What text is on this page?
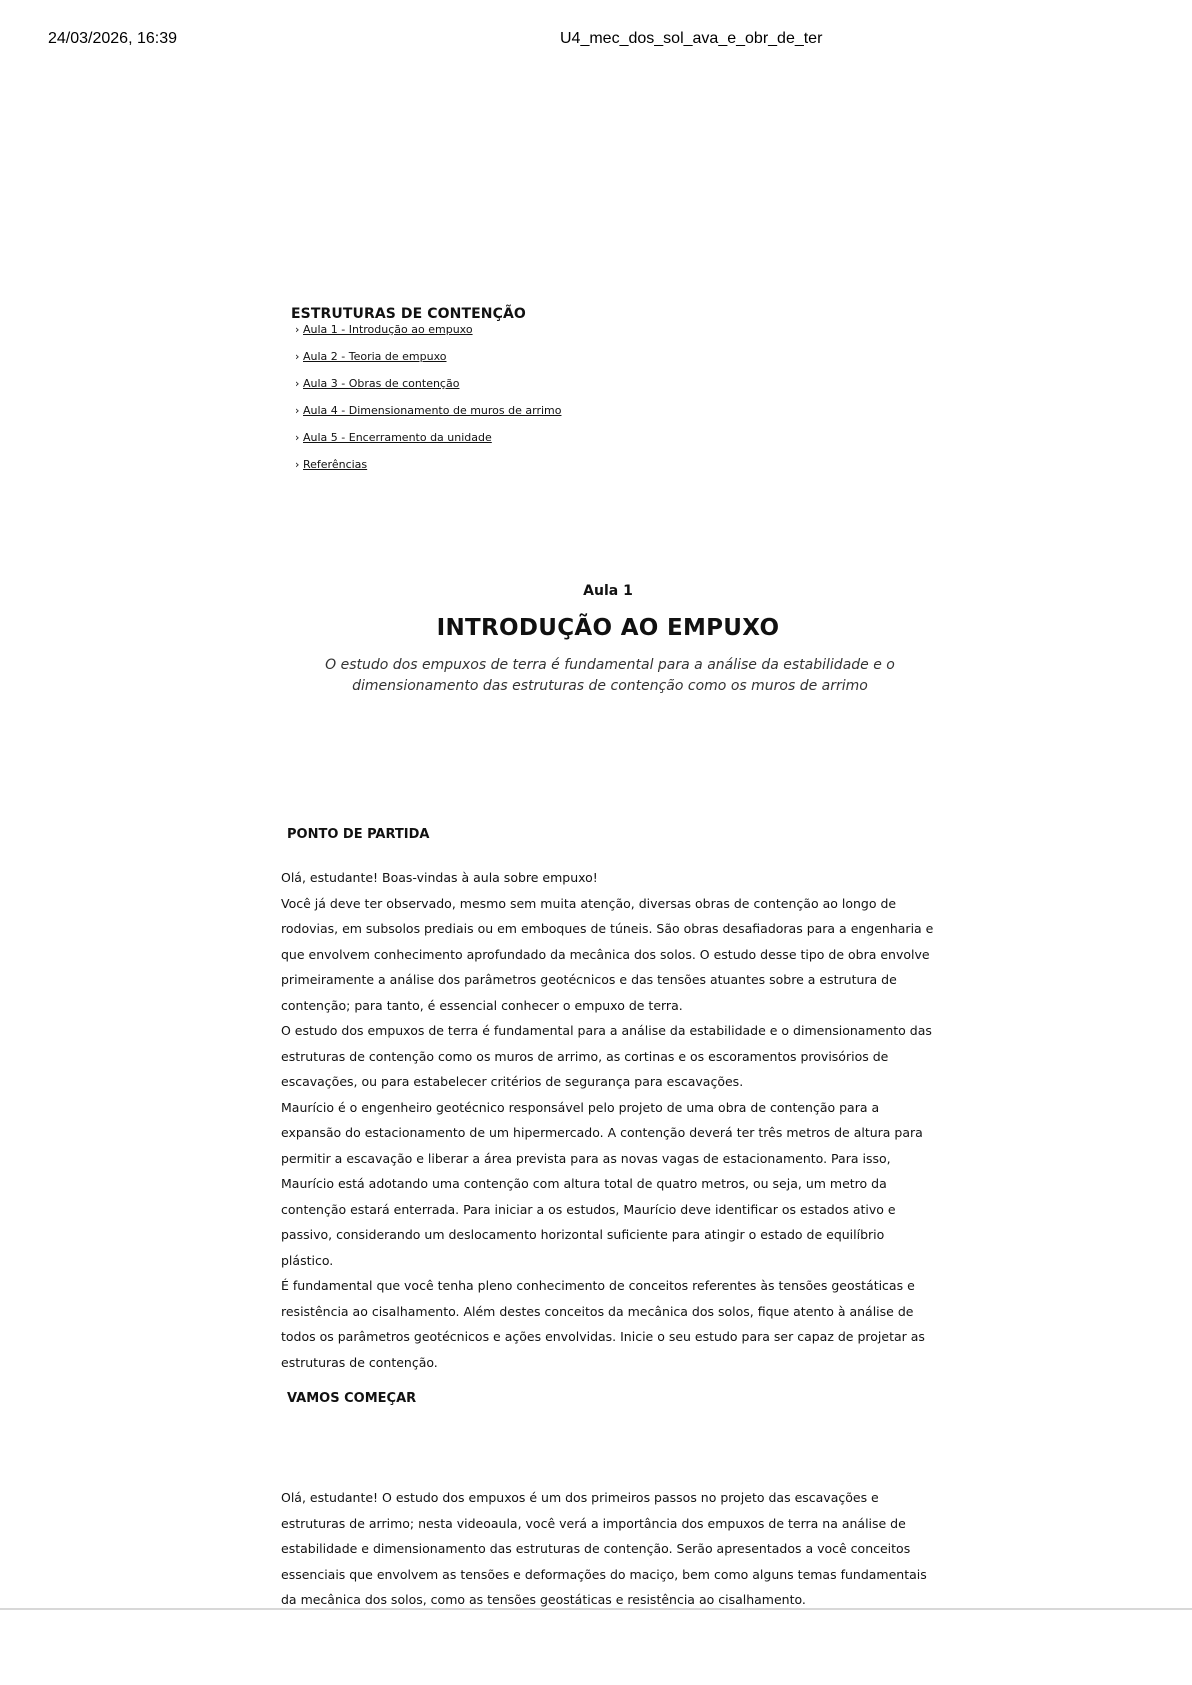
24/03/2026, 16:39	U4_mec_dos_sol_ava_e_obr_de_ter
ESTRUTURAS DE CONTENÇÃO
› Aula 1 - Introdução ao empuxo
› Aula 2 - Teoria de empuxo
› Aula 3 - Obras de contenção
› Aula 4 - Dimensionamento de muros de arrimo
› Aula 5 - Encerramento da unidade
› Referências
Aula 1
INTRODUÇÃO AO EMPUXO
O estudo dos empuxos de terra é fundamental para a análise da estabilidade e o dimensionamento das estruturas de contenção como os muros de arrimo
PONTO DE PARTIDA

Olá, estudante! Boas-vindas à aula sobre empuxo!

Você já deve ter observado, mesmo sem muita atenção, diversas obras de contenção ao longo de rodovias, em subsolos prediais ou em emboques de túneis. São obras desafiadoras para a engenharia e que envolvem conhecimento aprofundado da mecânica dos solos. O estudo desse tipo de obra envolve primeiramente a análise dos parâmetros geotécnicos e das tensões atuantes sobre a estrutura de contenção; para tanto, é essencial conhecer o empuxo de terra.

O estudo dos empuxos de terra é fundamental para a análise da estabilidade e o dimensionamento das estruturas de contenção como os muros de arrimo, as cortinas e os escoramentos provisórios de escavações, ou para estabelecer critérios de segurança para escavações.

Maurício é o engenheiro geotécnico responsável pelo projeto de uma obra de contenção para a expansão do estacionamento de um hipermercado. A contenção deverá ter três metros de altura para permitir a escavação e liberar a área prevista para as novas vagas de estacionamento. Para isso, Maurício está adotando uma contenção com altura total de quatro metros, ou seja, um metro da contenção estará enterrada. Para iniciar a os estudos, Maurício deve identificar os estados ativo e passivo, considerando um deslocamento horizontal suficiente para atingir o estado de equilíbrio plástico.

É fundamental que você tenha pleno conhecimento de conceitos referentes às tensões geostáticas e resistência ao cisalhamento. Além destes conceitos da mecânica dos solos, fique atento à análise de todos os parâmetros geotécnicos e ações envolvidas. Inicie o seu estudo para ser capaz de projetar as estruturas de contenção.

VAMOS COMEÇAR

Olá, estudante! O estudo dos empuxos é um dos primeiros passos no projeto das escavações e estruturas de arrimo; nesta videoaula, você verá a importância dos empuxos de terra na análise de estabilidade e dimensionamento das estruturas de contenção. Serão apresentados a você conceitos essenciais que envolvem as tensões e deformações do maciço, bem como alguns temas fundamentais da mecânica dos solos, como as tensões geostáticas e resistência ao cisalhamento.
